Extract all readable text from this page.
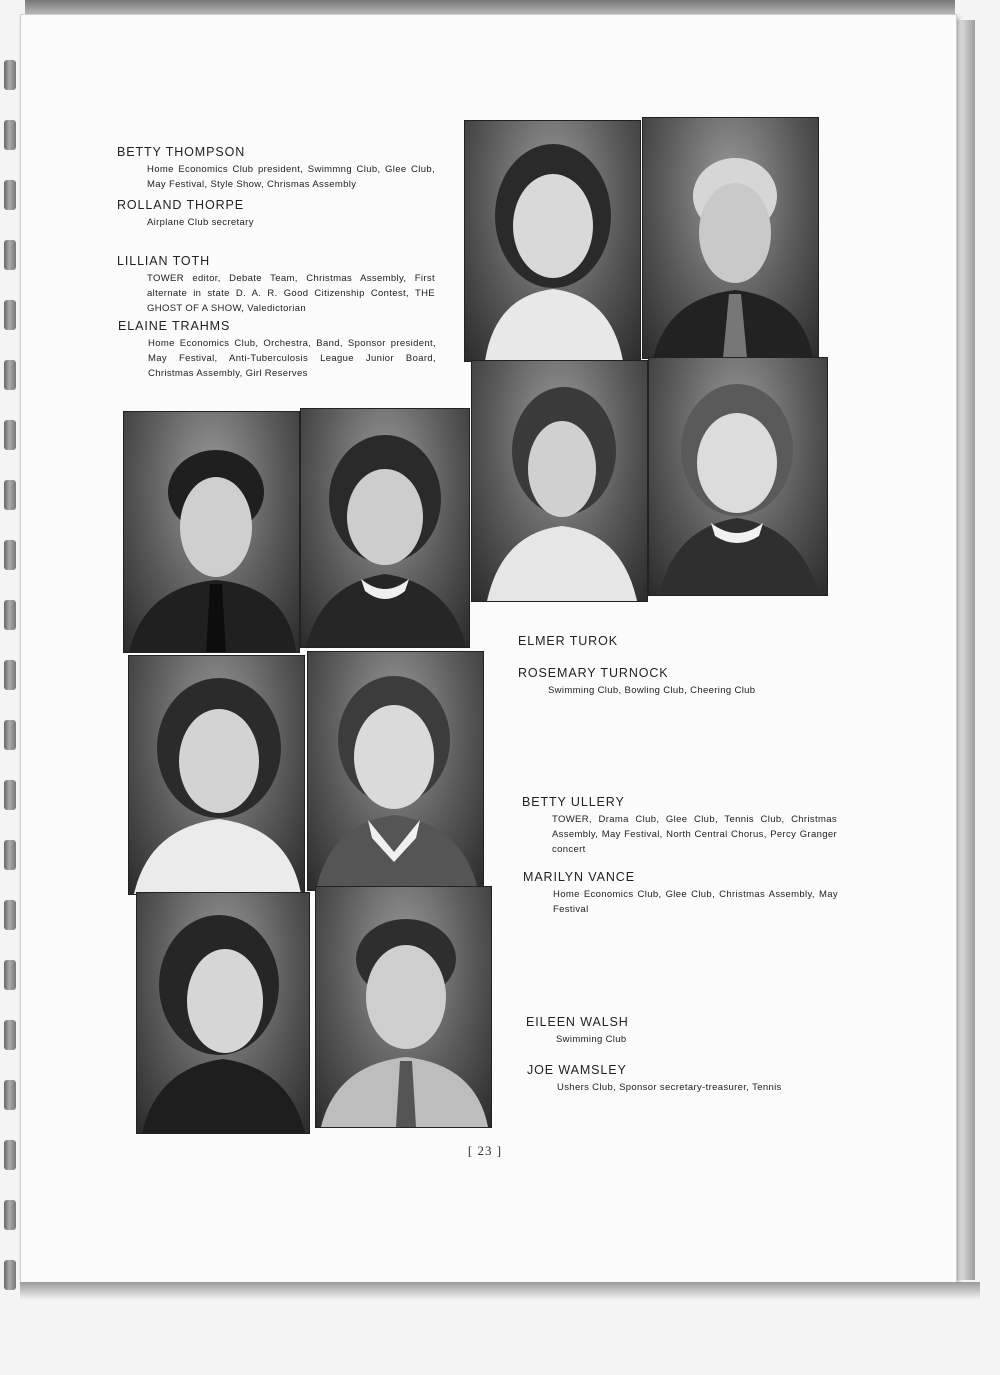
BETTY THOMPSON
Home Economics Club president, Swimmng Club, Glee Club, May Festival, Style Show, Chrismas Assembly
ROLLAND THORPE
Airplane Club secretary
LILLIAN TOTH
TOWER editor, Debate Team, Christmas Assembly, First alternate in state D. A. R. Good Citizenship Contest, THE GHOST OF A SHOW, Valedictorian
ELAINE TRAHMS
Home Economics Club, Orchestra, Band, Sponsor president, May Festival, Anti-Tuberculosis League Junior Board, Christmas Assembly, Girl Reserves
ELMER TUROK
ROSEMARY TURNOCK
Swimming Club, Bowling Club, Cheering Club
BETTY ULLERY
TOWER, Drama Club, Glee Club, Tennis Club, Christmas Assembly, May Festival, North Central Chorus, Percy Granger concert
MARILYN VANCE
Home Economics Club, Glee Club, Christmas Assembly, May Festival
EILEEN WALSH
Swimming Club
JOE WAMSLEY
Ushers Club, Sponsor secretary-treasurer, Tennis
[ 23 ]
